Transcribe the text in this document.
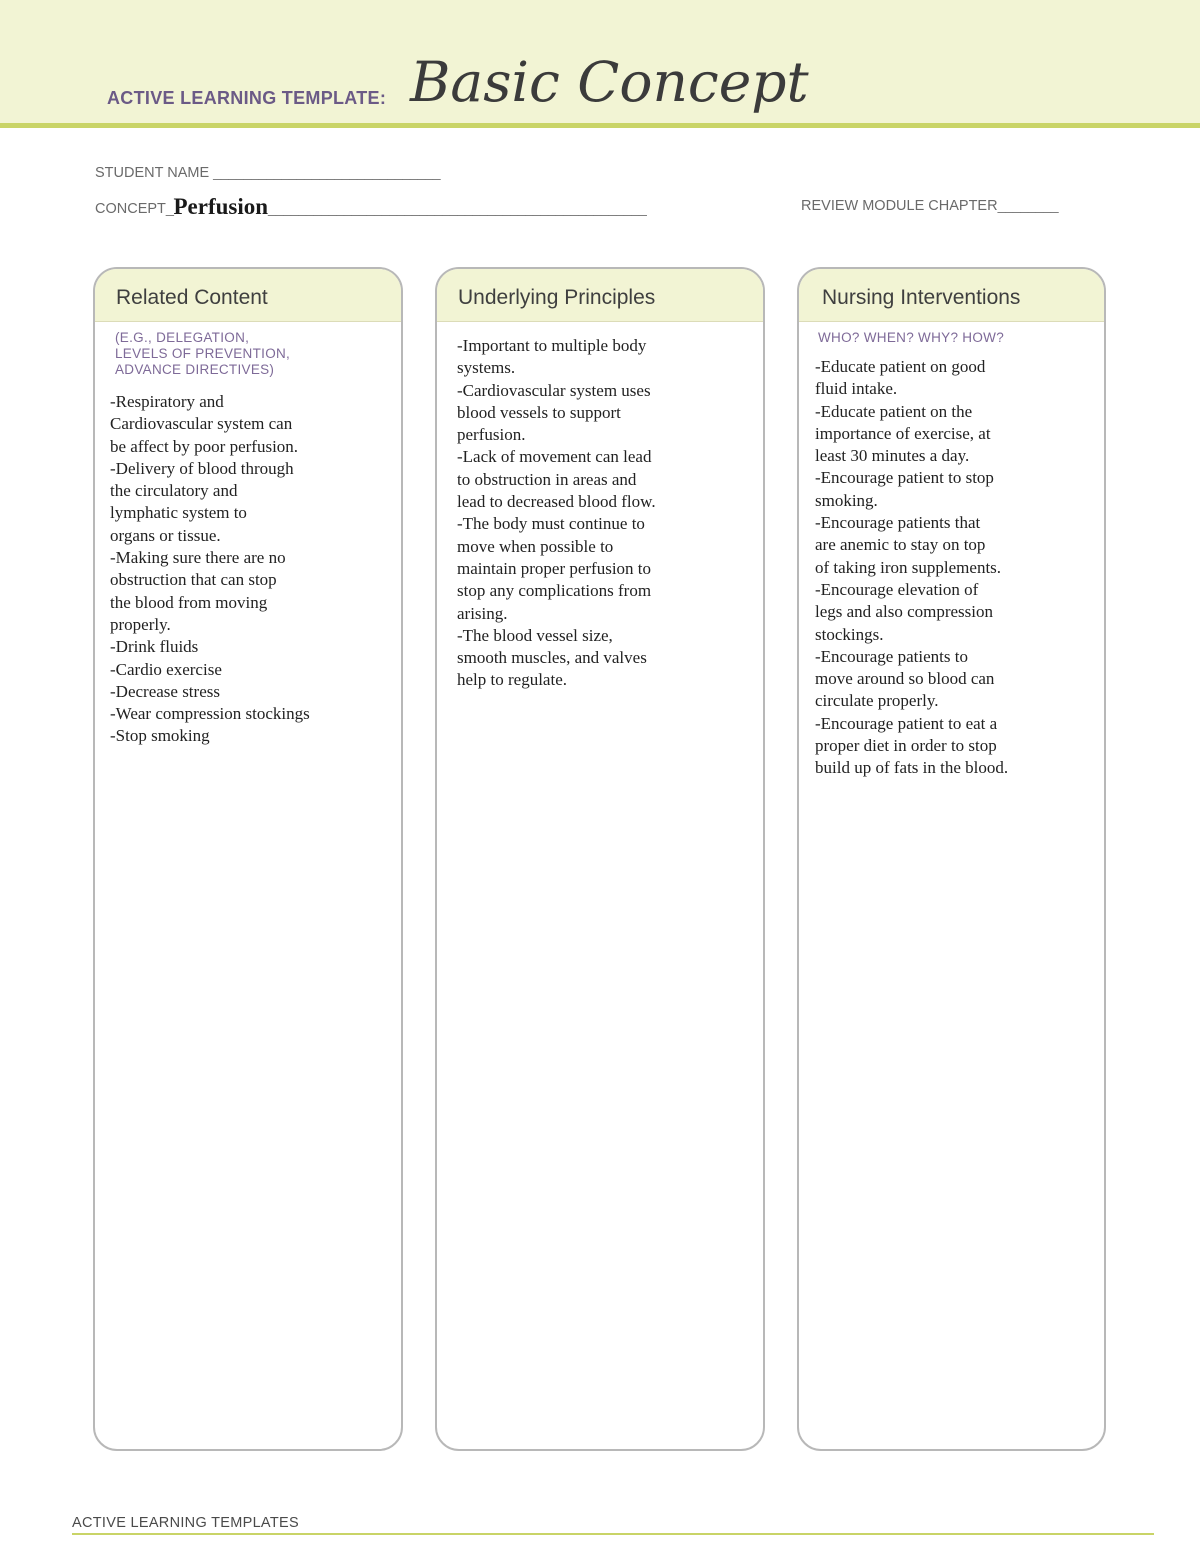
ACTIVE LEARNING TEMPLATE: Basic Concept
STUDENT NAME ______________________________
CONCEPT_Perfusion__________________________________________________	REVIEW MODULE CHAPTER________
Related Content
(E.G., DELEGATION,
LEVELS OF PREVENTION,
ADVANCE DIRECTIVES)
-Respiratory and
Cardiovascular system can
be affect by poor perfusion.
-Delivery of blood through
the circulatory and
lymphatic system to
organs or tissue.
-Making sure there are no
obstruction that can stop
the blood from moving
properly.
-Drink fluids
-Cardio exercise
-Decrease stress
-Wear compression stockings
-Stop smoking
Underlying Principles
-Important to multiple body
systems.
-Cardiovascular system uses
blood vessels to support
perfusion.
-Lack of movement can lead
to obstruction in areas and
lead to decreased blood flow.
-The body must continue to
move when possible to
maintain proper perfusion to
stop any complications from
arising.
-The blood vessel size,
smooth muscles, and valves
help to regulate.
Nursing Interventions
WHO? WHEN? WHY? HOW?
-Educate patient on good
fluid intake.
-Educate patient on the
importance of exercise, at
least 30 minutes a day.
-Encourage patient to stop
smoking.
-Encourage patients that
are anemic to stay on top
of taking iron supplements.
-Encourage elevation of
legs and also compression
stockings.
-Encourage patients to
move around so blood can
circulate properly.
-Encourage patient to eat a
proper diet in order to stop
build up of fats in the blood.
ACTIVE LEARNING TEMPLATES
